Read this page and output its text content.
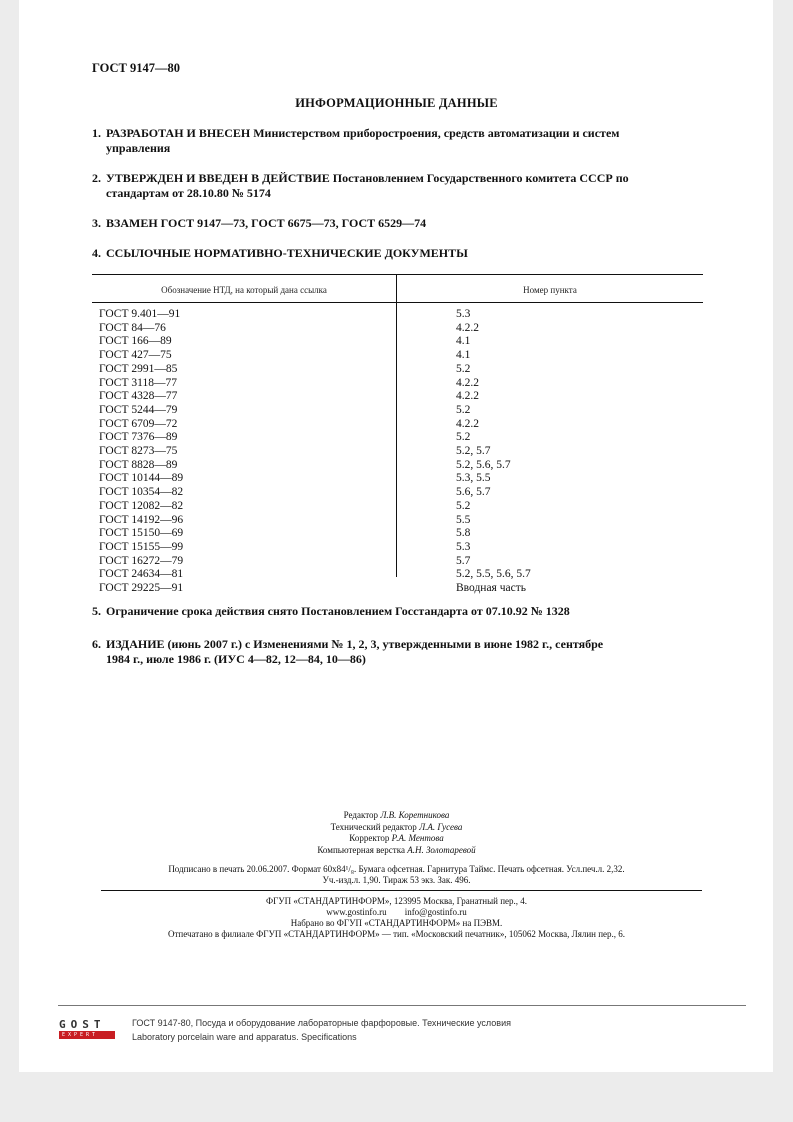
ГОСТ 9147—80
ИНФОРМАЦИОННЫЕ ДАННЫЕ
1. РАЗРАБОТАН И ВНЕСЕН Министерством приборостроения, средств автоматизации и систем
управления
2. УТВЕРЖДЕН И ВВЕДЕН В ДЕЙСТВИЕ Постановлением Государственного комитета СССР по
стандартам от 28.10.80 № 5174
3. ВЗАМЕН ГОСТ 9147—73, ГОСТ 6675—73, ГОСТ 6529—74
4. ССЫЛОЧНЫЕ НОРМАТИВНО-ТЕХНИЧЕСКИЕ ДОКУМЕНТЫ
Обозначение НТД, на который дана ссылка	Номер пункта
ГОСТ 9.401—91	5.3
ГОСТ 84—76	4.2.2
ГОСТ 166—89	4.1
ГОСТ 427—75	4.1
ГОСТ 2991—85	5.2
ГОСТ 3118—77	4.2.2
ГОСТ 4328—77	4.2.2
ГОСТ 5244—79	5.2
ГОСТ 6709—72	4.2.2
ГОСТ 7376—89	5.2
ГОСТ 8273—75	5.2, 5.7
ГОСТ 8828—89	5.2, 5.6, 5.7
ГОСТ 10144—89	5.3, 5.5
ГОСТ 10354—82	5.6, 5.7
ГОСТ 12082—82	5.2
ГОСТ 14192—96	5.5
ГОСТ 15150—69	5.8
ГОСТ 15155—99	5.3
ГОСТ 16272—79	5.7
ГОСТ 24634—81	5.2, 5.5, 5.6, 5.7
ГОСТ 29225—91	Вводная часть
5. Ограничение срока действия снято Постановлением Госстандарта от 07.10.92 № 1328
6. ИЗДАНИЕ (июнь 2007 г.) с Изменениями № 1, 2, 3, утвержденными в июне 1982 г., сентябре
1984 г., июле 1986 г. (ИУС 4—82, 12—84, 10—86)
Редактор Л.В. Коретникова
Технический редактор Л.А. Гусева
Корректор Р.А. Ментова
Компьютерная верстка А.Н. Золотаревой
Подписано в печать 20.06.2007. Формат 60x84¹/₈. Бумага офсетная. Гарнитура Таймс. Печать офсетная. Усл.печ.л. 2,32.
Уч.-изд.л. 1,90. Тираж 53 экз. Зак. 496.
ФГУП «СТАНДАРТИНФОРМ», 123995 Москва, Гранатный пер., 4.
www.gostinfo.ru info@gostinfo.ru
Набрано во ФГУП «СТАНДАРТИНФОРМ» на ПЭВМ.
Отпечатано в филиале ФГУП «СТАНДАРТИНФОРМ» — тип. «Московский печатник», 105062 Москва, Лялин пер., 6.
GOST
EXPERT
ГОСТ 9147-80, Посуда и оборудование лабораторные фарфоровые. Технические условия
Laboratory porcelain ware and apparatus. Specifications
